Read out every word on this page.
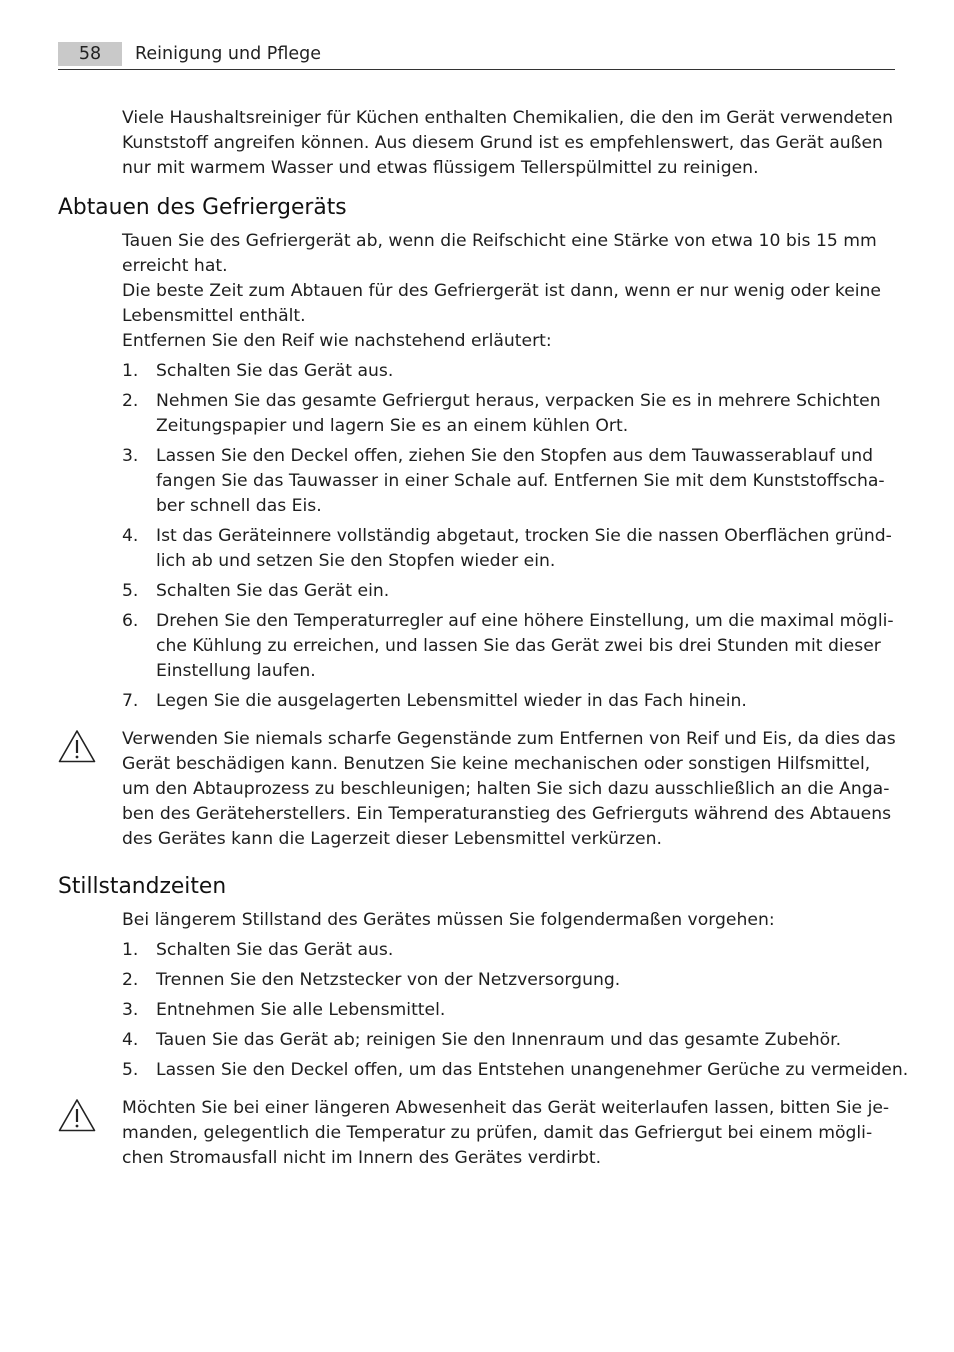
58	Reinigung und Pflege
Viele Haushaltsreiniger für Küchen enthalten Chemikalien, die den im Gerät verwendeten
Kunststoff angreifen können. Aus diesem Grund ist es empfehlenswert, das Gerät außen
nur mit warmem Wasser und etwas flüssigem Tellerspülmittel zu reinigen.
Abtauen des Gefriergeräts
Tauen Sie des Gefriergerät ab, wenn die Reifschicht eine Stärke von etwa 10 bis 15 mm
erreicht hat.
Die beste Zeit zum Abtauen für des Gefriergerät ist dann, wenn er nur wenig oder keine
Lebensmittel enthält.
Entfernen Sie den Reif wie nachstehend erläutert:
1. Schalten Sie das Gerät aus.
2. Nehmen Sie das gesamte Gefriergut heraus, verpacken Sie es in mehrere Schichten
Zeitungspapier und lagern Sie es an einem kühlen Ort.
3. Lassen Sie den Deckel offen, ziehen Sie den Stopfen aus dem Tauwasserablauf und
fangen Sie das Tauwasser in einer Schale auf. Entfernen Sie mit dem Kunststoffscha-
ber schnell das Eis.
4. Ist das Geräteinnere vollständig abgetaut, trocken Sie die nassen Oberflächen gründ-
lich ab und setzen Sie den Stopfen wieder ein.
5. Schalten Sie das Gerät ein.
6. Drehen Sie den Temperaturregler auf eine höhere Einstellung, um die maximal mögli-
che Kühlung zu erreichen, und lassen Sie das Gerät zwei bis drei Stunden mit dieser
Einstellung laufen.
7. Legen Sie die ausgelagerten Lebensmittel wieder in das Fach hinein.
Verwenden Sie niemals scharfe Gegenstände zum Entfernen von Reif und Eis, da dies das
Gerät beschädigen kann. Benutzen Sie keine mechanischen oder sonstigen Hilfsmittel,
um den Abtauprozess zu beschleunigen; halten Sie sich dazu ausschließlich an die Anga-
ben des Geräteherstellers. Ein Temperaturanstieg des Gefrierguts während des Abtauens
des Gerätes kann die Lagerzeit dieser Lebensmittel verkürzen.
Stillstandzeiten
Bei längerem Stillstand des Gerätes müssen Sie folgendermaßen vorgehen:
1. Schalten Sie das Gerät aus.
2. Trennen Sie den Netzstecker von der Netzversorgung.
3. Entnehmen Sie alle Lebensmittel.
4. Tauen Sie das Gerät ab; reinigen Sie den Innenraum und das gesamte Zubehör.
5. Lassen Sie den Deckel offen, um das Entstehen unangenehmer Gerüche zu vermeiden.
Möchten Sie bei einer längeren Abwesenheit das Gerät weiterlaufen lassen, bitten Sie je-
manden, gelegentlich die Temperatur zu prüfen, damit das Gefriergut bei einem mögli-
chen Stromausfall nicht im Innern des Gerätes verdirbt.
